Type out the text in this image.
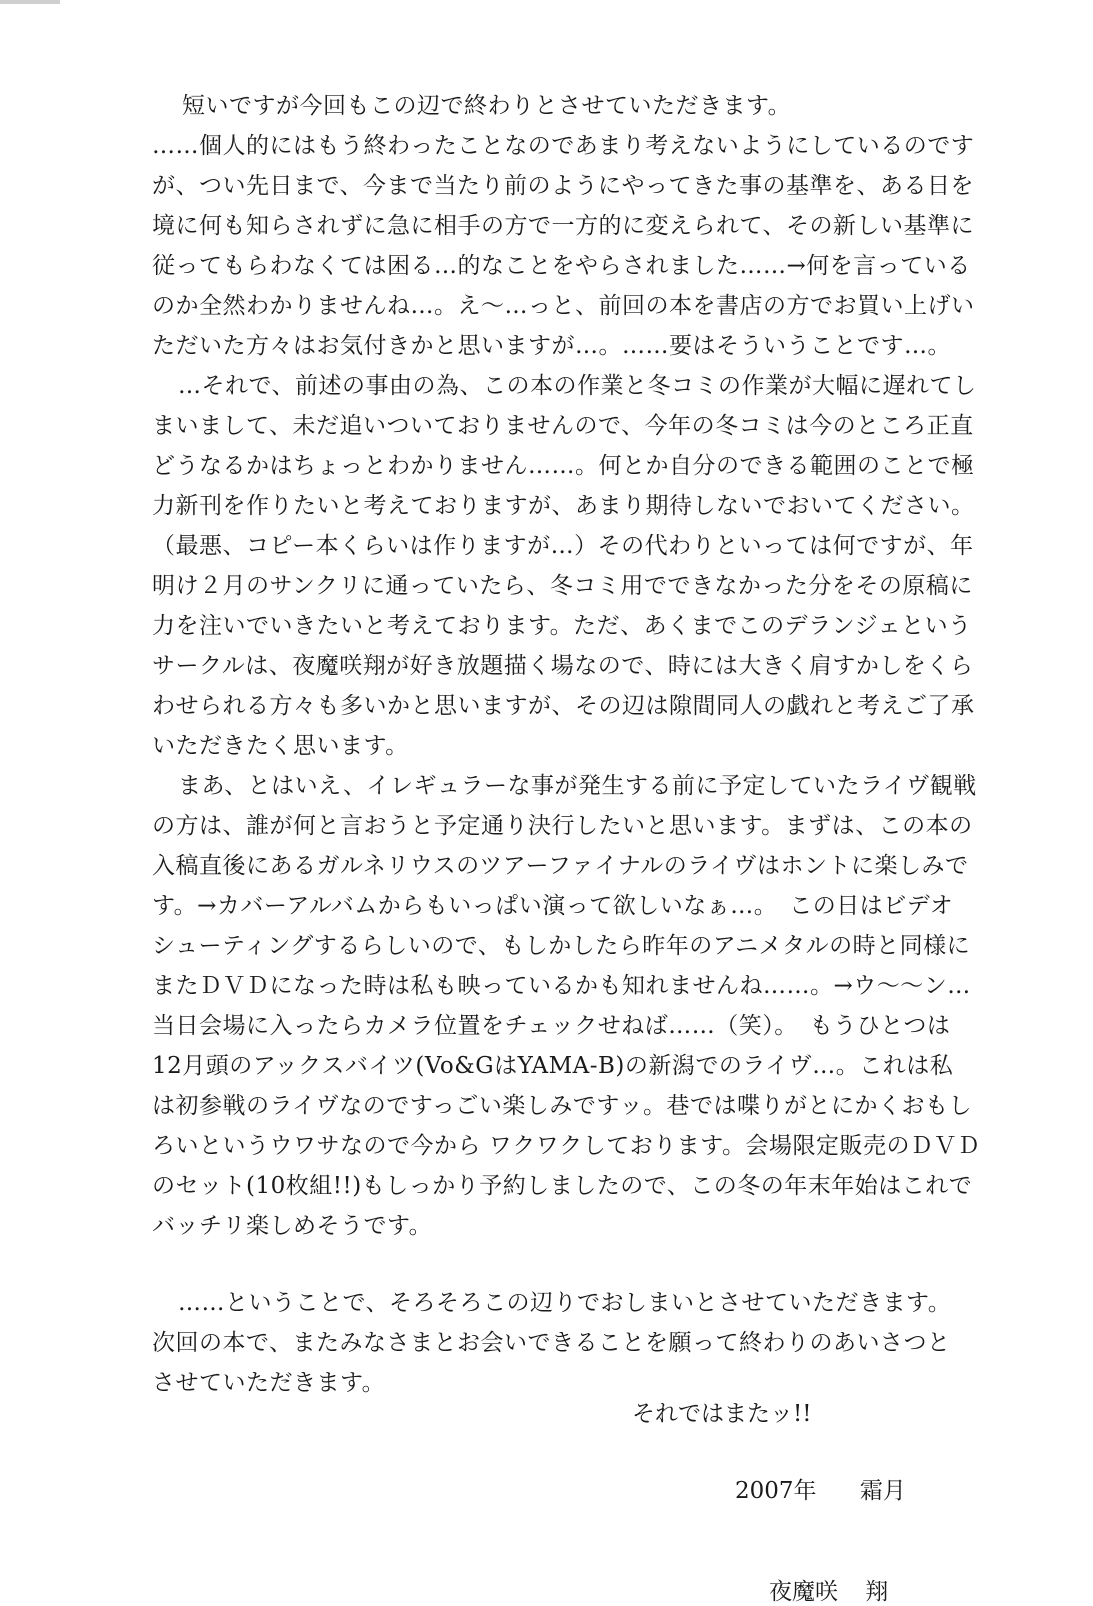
短いですが今回もこの辺で終わりとさせていただきます。
……個人的にはもう終わったことなのであまり考えないようにしているのです
が、つい先日まで、今まで当たり前のようにやってきた事の基準を、ある日を
境に何も知らされずに急に相手の方で一方的に変えられて、その新しい基準に
従ってもらわなくては困る…的なことをやらされました……→何を言っている
のか全然わかりませんね…。え〜…っと、前回の本を書店の方でお買い上げい
ただいた方々はお気付きかと思いますが…。……要はそういうことです…。
…それで、前述の事由の為、この本の作業と冬コミの作業が大幅に遅れてし
まいまして、未だ追いついておりませんので、今年の冬コミは今のところ正直
どうなるかはちょっとわかりません……。何とか自分のできる範囲のことで極
力新刊を作りたいと考えておりますが、あまり期待しないでおいてください。
（最悪、コピー本くらいは作りますが…）その代わりといっては何ですが、年
明け２月のサンクリに通っていたら、冬コミ用でできなかった分をその原稿に
力を注いでいきたいと考えております。ただ、あくまでこのデランジェという
サークルは、夜魔咲翔が好き放題描く場なので、時には大きく肩すかしをくら
わせられる方々も多いかと思いますが、その辺は隙間同人の戯れと考えご了承
いただきたく思います。
まあ、とはいえ、イレギュラーな事が発生する前に予定していたライヴ観戦
の方は、誰が何と言おうと予定通り決行したいと思います。まずは、この本の
入稿直後にあるガルネリウスのツアーファイナルのライヴはホントに楽しみで
す。→カバーアルバムからもいっぱい演って欲しいなぁ…。　この日はビデオ
シューティングするらしいので、もしかしたら昨年のアニメタルの時と同様に
またＤＶＤになった時は私も映っているかも知れませんね……。→ウ〜〜ン…
当日会場に入ったらカメラ位置をチェックせねば……（笑）。　もうひとつは
12月頭のアックスバイツ(Vo&GはYAMA-B)の新潟でのライヴ…。これは私
は初参戦のライヴなのですっごい楽しみですッ。巷では喋りがとにかくおもし
ろいというウワサなので今から ワクワクしております。会場限定販売のＤＶＤ
のセット(10枚組!!)もしっかり予約しましたので、この冬の年末年始はこれで
バッチリ楽しめそうです。
……ということで、そろそろこの辺りでおしまいとさせていただきます。
次回の本で、またみなさまとお会いできることを願って終わりのあいさつと
させていただきます。
それではまたッ!!
2007年 霜月
夜魔咲 翔
